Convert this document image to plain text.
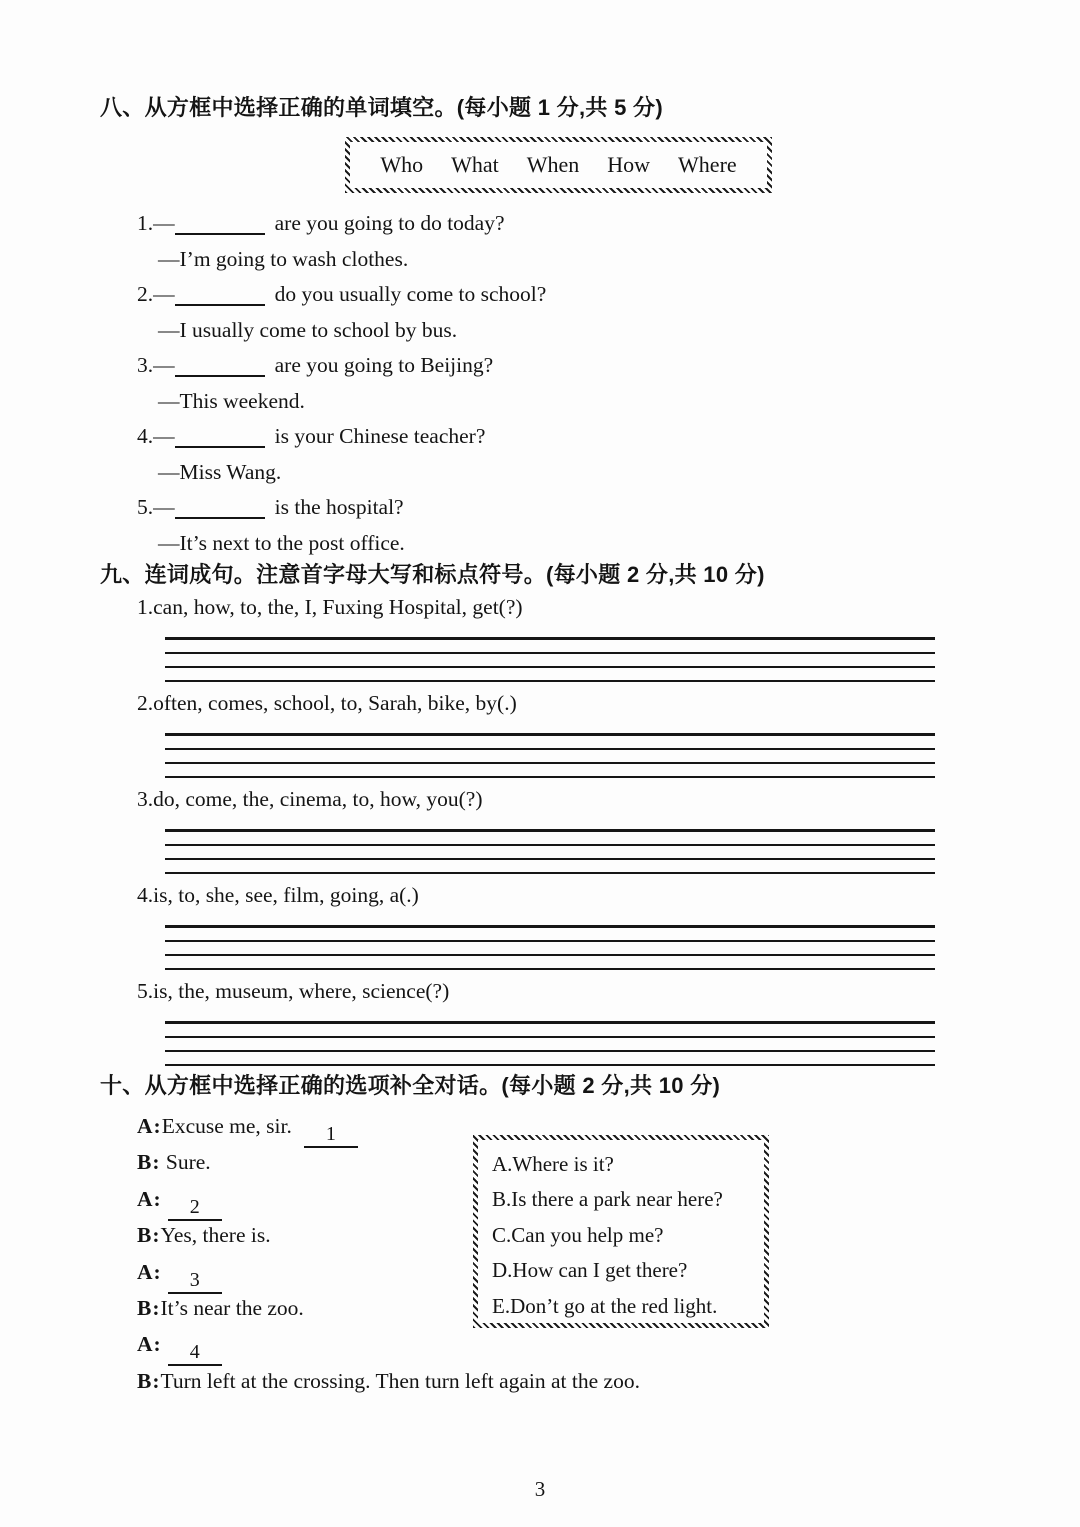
八、从方框中选择正确的单词填空。(每小题 1 分,共 5 分)
Who What When How Where
1.—	are you going to do today?
—I’m going to wash clothes.
2.—	do you usually come to school?
—I usually come to school by bus.
3.—	are you going to Beijing?
—This weekend.
4.—	is your Chinese teacher?
—Miss Wang.
5.—	is the hospital?
—It’s next to the post office.
九、连词成句。注意首字母大写和标点符号。(每小题 2 分,共 10 分)
1.can, how, to, the, I, Fuxing Hospital, get(?)
2.often, comes, school, to, Sarah, bike, by(.)
3.do, come, the, cinema, to, how, you(?)
4.is, to, she, see, film, going, a(.)
5.is, the, museum, where, science(?)
十、从方框中选择正确的选项补全对话。(每小题 2 分,共 10 分)
A:Excuse me, sir. 1
B: Sure.
A: 2
B:Yes, there is.
A: 3
B:It’s near the zoo.
A: 4
B:Turn left at the crossing. Then turn left again at the zoo.
A.Where is it?
B.Is there a park near here?
C.Can you help me?
D.How can I get there?
E.Don’t go at the red light.
3
